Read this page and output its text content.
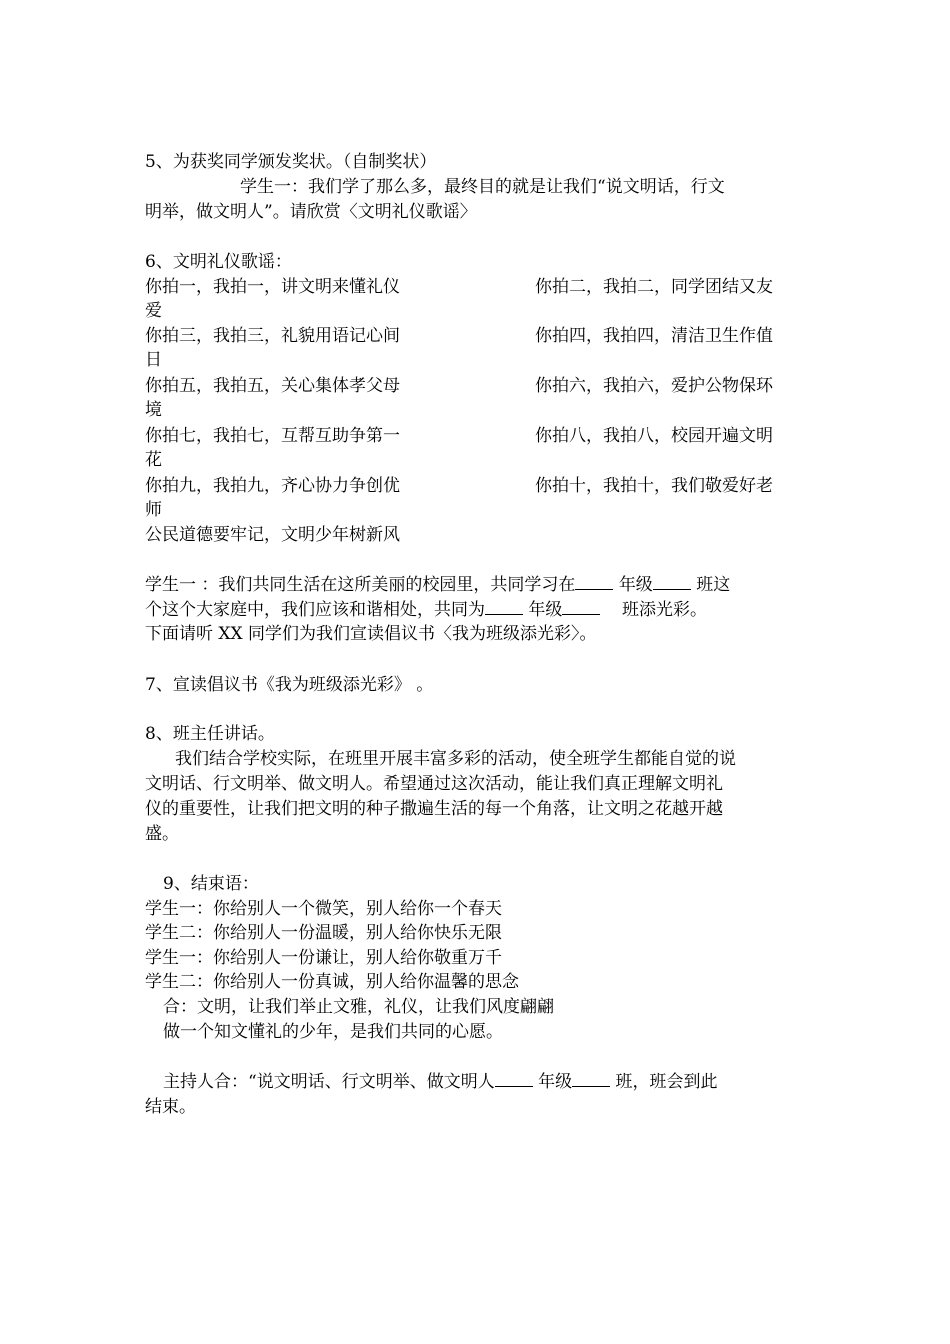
5、为获奖同学颁发奖状。（自制奖状）
学生一：我们学了那么多，最终目的就是让我们“说文明话，行文
明举，做文明人”。请欣赏〈文明礼仪歌谣〉
6、文明礼仪歌谣：
你拍一，我拍一，讲文明来懂礼仪	你拍二，我拍二，同学团结又友
爱
你拍三，我拍三，礼貌用语记心间	你拍四，我拍四，清洁卫生作值
日
你拍五，我拍五，关心集体孝父母	你拍六，我拍六，爱护公物保环
境
你拍七，我拍七，互帮互助争第一	你拍八，我拍八，校园开遍文明
花
你拍九，我拍九，齐心协力争创优	你拍十，我拍十，我们敬爱好老
师
公民道德要牢记，文明少年树新风
学生一 ：我们共同生活在这所美丽的校园里，共同学习在	年级	班这
个这个大家庭中，我们应该和谐相处，共同为	年级	班添光彩。
下面请听 XX 同学们为我们宣读倡议书〈我为班级添光彩〉。
7、宣读倡议书《我为班级添光彩》 。
8、班主任讲话。
我们结合学校实际，在班里开展丰富多彩的活动，使全班学生都能自觉的说
文明话、行文明举、做文明人。希望通过这次活动，能让我们真正理解文明礼
仪的重要性，让我们把文明的种子撒遍生活的每一个角落，让文明之花越开越
盛。
9、结束语：
学生一：你给别人一个微笑，别人给你一个春天
学生二：你给别人一份温暖，别人给你快乐无限
学生一：你给别人一份谦让，别人给你敬重万千
学生二：你给别人一份真诚，别人给你温馨的思念
合：文明，让我们举止文雅，礼仪，让我们风度翩翩
做一个知文懂礼的少年，是我们共同的心愿。
主持人合：“说文明话、行文明举、做文明人	年级	班，班会到此
结束。
